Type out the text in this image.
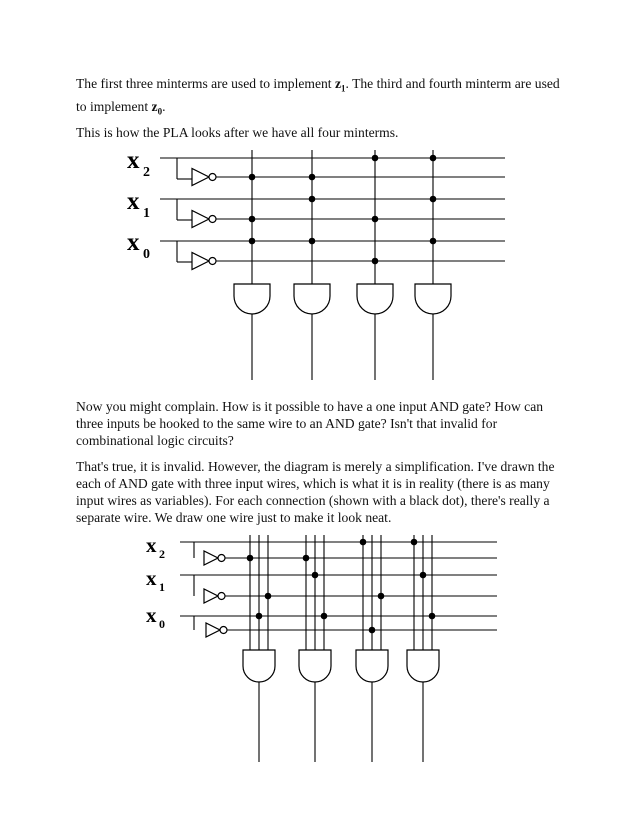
The first three minterms are used to implement $z_1$. The third and fourth minterm are used to implement $z_0$.

This is how the PLA looks after we have all four minterms.

x 2
x 1
x 0

Now you might complain. How is it possible to have a one input AND gate? How can three inputs be hooked to the same wire to an AND gate? Isn't that invalid for combinational logic circuits?

That's true, it is invalid. However, the diagram is merely a simplification. I've drawn the each of AND gate with three input wires, which is what it is in reality (there is as many input wires as variables). For each connection (shown with a black dot), there's really a separate wire. We draw one wire just to make it look neat.

x 2
x 1
x 0
